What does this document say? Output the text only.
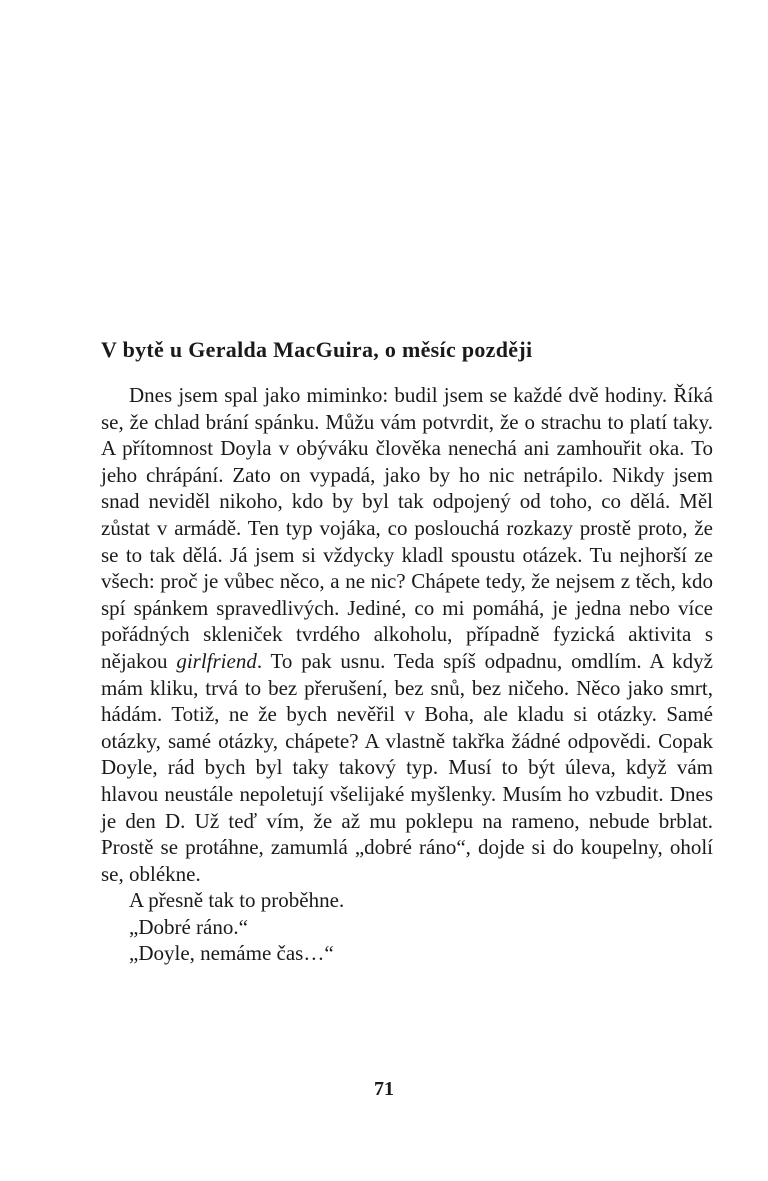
V bytě u Geralda MacGuira, o měsíc později

Dnes jsem spal jako miminko: budil jsem se každé dvě hodiny. Říká se, že chlad brání spánku. Můžu vám potvrdit, že o strachu to platí taky. A přítomnost Doyla v obýváku člověka nenechá ani zamhouřit oka. To jeho chrápání. Zato on vypadá, jako by ho nic netrápilo. Nikdy jsem snad neviděl nikoho, kdo by byl tak odpojený od toho, co dělá. Měl zůstat v armádě. Ten typ vojáka, co poslouchá rozkazy prostě proto, že se to tak dělá. Já jsem si vždycky kladl spoustu otázek. Tu nejhorší ze všech: proč je vůbec něco, a ne nic? Chápete tedy, že nejsem z těch, kdo spí spánkem spravedlivých. Jediné, co mi pomáhá, je jedna nebo více pořádných skleniček tvrdého alkoholu, případně fyzická aktivita s nějakou girlfriend. To pak usnu. Teda spíš odpadnu, omdlím. A když mám kliku, trvá to bez přerušení, bez snů, bez ničeho. Něco jako smrt, hádám. Totiž, ne že bych nevěřil v Boha, ale kladu si otázky. Samé otázky, samé otázky, chápete? A vlastně takřka žádné odpovědi. Copak Doyle, rád bych byl taky takový typ. Musí to být úleva, když vám hlavou neustále nepoletují všelijaké myšlenky. Musím ho vzbudit. Dnes je den D. Už teď vím, že až mu poklepu na rameno, nebude brblat. Prostě se protáhne, zamumlá „dobré ráno“, dojde si do koupelny, oholí se, oblékne.

A přesně tak to proběhne.

„Dobré ráno.“

„Doyle, nemáme čas…“

71
